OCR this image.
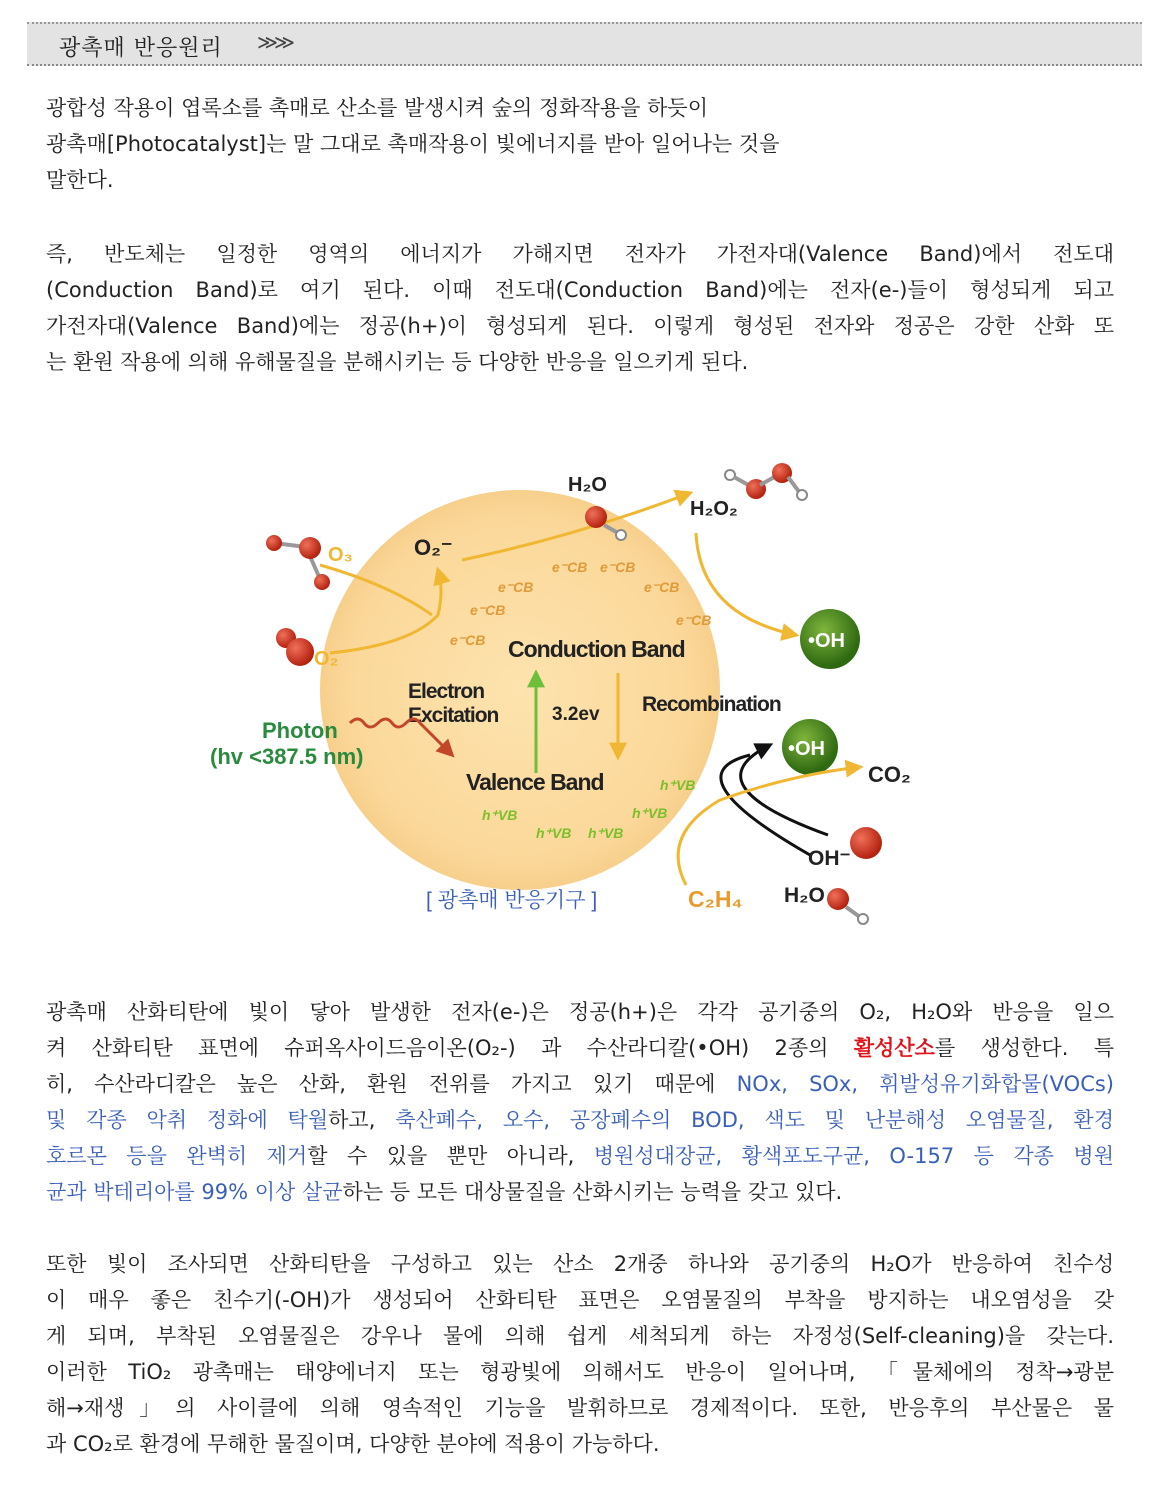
광촉매 반응원리 ≫≫
광합성 작용이 엽록소를 촉매로 산소를 발생시켜 숲의 정화작용을 하듯이
광촉매[Photocatalyst]는 말 그대로 촉매작용이 빛에너지를 받아 일어나는 것을
말한다.
즉, 반도체는 일정한 영역의 에너지가 가해지면 전자가 가전자대(Valence Band)에서 전도대
(Conduction Band)로 여기 된다. 이때 전도대(Conduction Band)에는 전자(e-)들이 형성되게 되고
가전자대(Valence Band)에는 정공(h+)이 형성되게 된다. 이렇게 형성된 전자와 정공은 강한 산화 또
는 환원 작용에 의해 유해물질을 분해시키는 등 다양한 반응을 일으키게 된다.
e⁻CB
e⁻CB e⁻CB
e⁻CB
e⁻CB
e⁻CB
e⁻CB
h⁺VB
h⁺VB h⁺VB
h⁺VB
h⁺VB
Conduction Band
Valence Band
Electron
Excitation	3.2ev Recombination
Photon
(hv <387.5 nm)
O₃
O₂
O₂⁻
H₂O
H₂O₂
•OH
•OH
CO₂
OH⁻
H₂O
C₂H₄
[ 광촉매 반응기구 ]
광촉매 산화티탄에 빛이 닿아 발생한 전자(e-)은 정공(h+)은 각각 공기중의 O₂, H₂O와 반응을 일으
켜 산화티탄 표면에 슈퍼옥사이드음이온(O₂-) 과 수산라디칼(•OH) 2종의 활성산소를 생성한다. 특
히, 수산라디칼은 높은 산화, 환원 전위를 가지고 있기 때문에 NOx, SOx, 휘발성유기화합물(VOCs)
및 각종 악취 정화에 탁월하고, 축산폐수, 오수, 공장폐수의 BOD, 색도 및 난분해성 오염물질, 환경
호르몬 등을 완벽히 제거할 수 있을 뿐만 아니라, 병원성대장균, 황색포도구균, O-157 등 각종 병원
균과 박테리아를 99% 이상 살균하는 등 모든 대상물질을 산화시키는 능력을 갖고 있다.
또한 빛이 조사되면 산화티탄을 구성하고 있는 산소 2개중 하나와 공기중의 H₂O가 반응하여 친수성
이 매우 좋은 친수기(-OH)가 생성되어 산화티탄 표면은 오염물질의 부착을 방지하는 내오염성을 갖
게 되며, 부착된 오염물질은 강우나 물에 의해 쉽게 세척되게 하는 자정성(Self-cleaning)을 갖는다.
이러한 TiO₂ 광촉매는 태양에너지 또는 형광빛에 의해서도 반응이 일어나며, 「물체에의 정착→광분
해→재생」의 사이클에 의해 영속적인 기능을 발휘하므로 경제적이다. 또한, 반응후의 부산물은 물
과 CO₂로 환경에 무해한 물질이며, 다양한 분야에 적용이 가능하다.
